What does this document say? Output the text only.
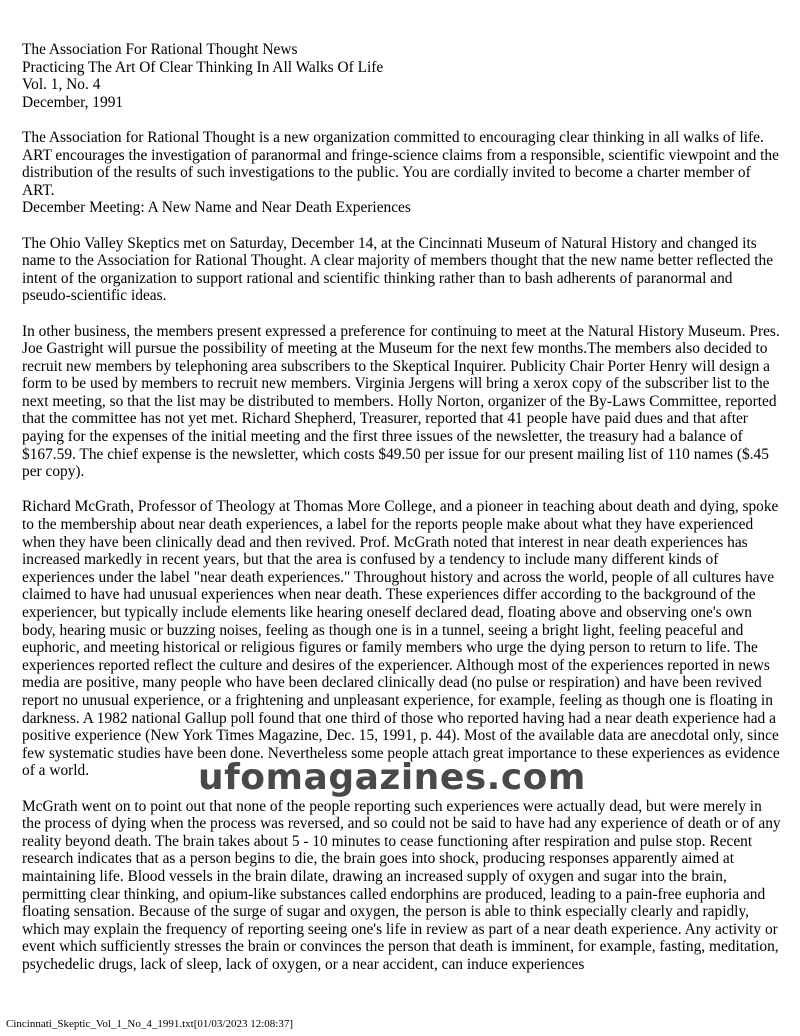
The Association For Rational Thought News
Practicing The Art Of Clear Thinking In All Walks Of Life
Vol. 1, No. 4
December, 1991

The Association for Rational Thought is a new organization committed to encouraging clear thinking in all walks of life. ART encourages the investigation of paranormal and fringe-science claims from a responsible, scientific viewpoint and the distribution of the results of such investigations to the public. You are cordially invited to become a charter member of ART.

December Meeting: A New Name and Near Death Experiences

The Ohio Valley Skeptics met on Saturday, December 14, at the Cincinnati Museum of Natural History and changed its name to the Association for Rational Thought. A clear majority of members thought that the new name better reflected the intent of the organization to support rational and scientific thinking rather than to bash adherents of paranormal and pseudo-scientific ideas.

In other business, the members present expressed a preference for continuing to meet at the Natural History Museum. Pres. Joe Gastright will pursue the possibility of meeting at the Museum for the next few months.The members also decided to recruit new members by telephoning area subscribers to the Skeptical Inquirer. Publicity Chair Porter Henry will design a form to be used by members to recruit new members. Virginia Jergens will bring a xerox copy of the subscriber list to the next meeting, so that the list may be distributed to members. Holly Norton, organizer of the By-Laws Committee, reported that the committee has not yet met. Richard Shepherd, Treasurer, reported that 41 people have paid dues and that after paying for the expenses of the initial meeting and the first three issues of the newsletter, the treasury had a balance of $167.59. The chief expense is the newsletter, which costs $49.50 per issue for our present mailing list of 110 names ($.45 per copy).

Richard McGrath, Professor of Theology at Thomas More College, and a pioneer in teaching about death and dying, spoke to the membership about near death experiences, a label for the reports people make about what they have experienced when they have been clinically dead and then revived. Prof. McGrath noted that interest in near death experiences has increased markedly in recent years, but that the area is confused by a tendency to include many different kinds of experiences under the label "near death experiences." Throughout history and across the world, people of all cultures have claimed to have had unusual experiences when near death. These experiences differ according to the background of the experiencer, but typically include elements like hearing oneself declared dead, floating above and observing one's own body, hearing music or buzzing noises, feeling as though one is in a tunnel, seeing a bright light, feeling peaceful and euphoric, and meeting historical or religious figures or family members who urge the dying person to return to life. The experiences reported reflect the culture and desires of the experiencer. Although most of the experiences reported in news media are positive, many people who have been declared clinically dead (no pulse or respiration) and have been revived report no unusual experience, or a frightening and unpleasant experience, for example, feeling as though one is floating in darkness. A 1982 national Gallup poll found that one third of those who reported having had a near death experience had a positive experience (New York Times Magazine, Dec. 15, 1991, p. 44). Most of the available data are anecdotal only, since few systematic studies have been done. Nevertheless some people attach great importance to these experiences as evidence of a world.

McGrath went on to point out that none of the people reporting such experiences were actually dead, but were merely in the process of dying when the process was reversed, and so could not be said to have had any experience of death or of any reality beyond death. The brain takes about 5 - 10 minutes to cease functioning after respiration and pulse stop. Recent research indicates that as a person begins to die, the brain goes into shock, producing responses apparently aimed at maintaining life. Blood vessels in the brain dilate, drawing an increased supply of oxygen and sugar into the brain, permitting clear thinking, and opium-like substances called endorphins are produced, leading to a pain-free euphoria and floating sensation. Because of the surge of sugar and oxygen, the person is able to think especially clearly and rapidly, which may explain the frequency of reporting seeing one's life in review as part of a near death experience. Any activity or event which sufficiently stresses the brain or convinces the person that death is imminent, for example, fasting, meditation, psychedelic drugs, lack of sleep, lack of oxygen, or a near accident, can induce experiences

ufomagazines.com
Cincinnati_Skeptic_Vol_1_No_4_1991.txt[01/03/2023 12:08:37]
